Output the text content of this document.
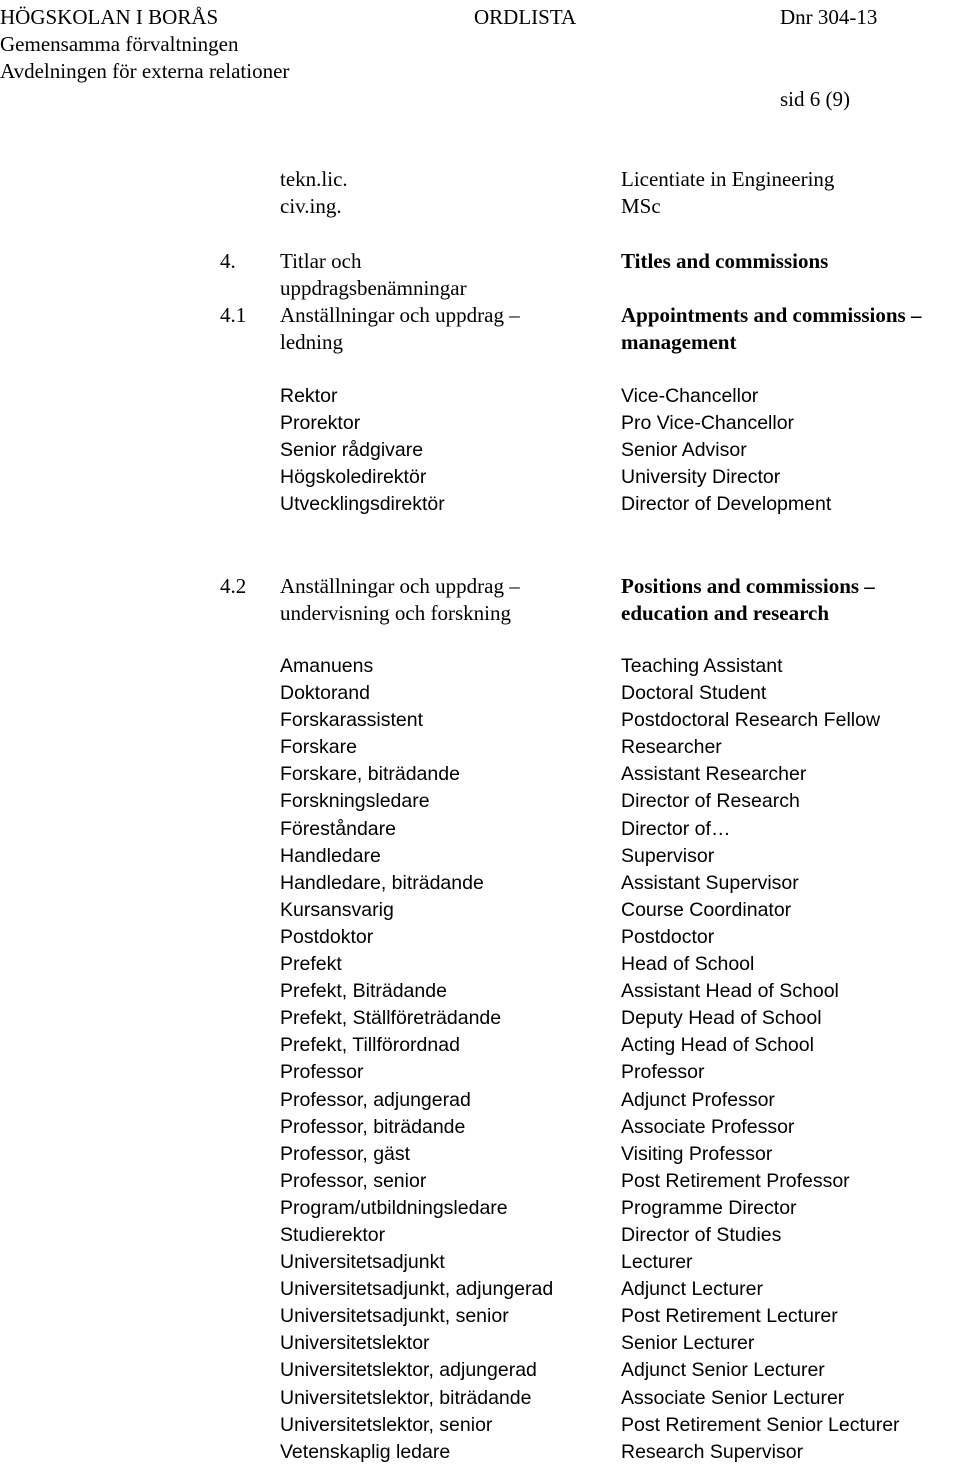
HÖGSKOLAN I BORÅS	ORDLISTA	Dnr 304-13
Gemensamma förvaltningen
Avdelningen för externa relationer
sid 6 (9)
tekn.lic.
civ.ing.
Licentiate in Engineering
MSc
4. Titlar och
uppdragsbenämningar
Titles and commissions
4.1 Anställningar och uppdrag –
ledning
Appointments and commissions –
management
Rektor
Prorektor
Senior rådgivare
Högskoledirektör
Utvecklingsdirektör
Vice-Chancellor
Pro Vice-Chancellor
Senior Advisor
University Director
Director of Development
4.2 Anställningar och uppdrag –
undervisning och forskning
Positions and commissions –
education and research
Amanuens
Doktorand
Forskarassistent
Forskare
Forskare, biträdande
Forskningsledare
Föreståndare
Handledare
Handledare, biträdande
Kursansvarig
Postdoktor
Prefekt
Prefekt, Biträdande
Prefekt, Ställföreträdande
Prefekt, Tillförordnad
Professor
Professor, adjungerad
Professor, biträdande
Professor, gäst
Professor, senior
Program/utbildningsledare
Studierektor
Universitetsadjunkt
Universitetsadjunkt, adjungerad
Universitetsadjunkt, senior
Universitetslektor
Universitetslektor, adjungerad
Universitetslektor, biträdande
Universitetslektor, senior
Vetenskaplig ledare
Teaching Assistant
Doctoral Student
Postdoctoral Research Fellow
Researcher
Assistant Researcher
Director of Research
Director of…
Supervisor
Assistant Supervisor
Course Coordinator
Postdoctor
Head of School
Assistant Head of School
Deputy Head of School
Acting Head of School
Professor
Adjunct Professor
Associate Professor
Visiting Professor
Post Retirement Professor
Programme Director
Director of Studies
Lecturer
Adjunct Lecturer
Post Retirement Lecturer
Senior Lecturer
Adjunct Senior Lecturer
Associate Senior Lecturer
Post Retirement Senior Lecturer
Research Supervisor
